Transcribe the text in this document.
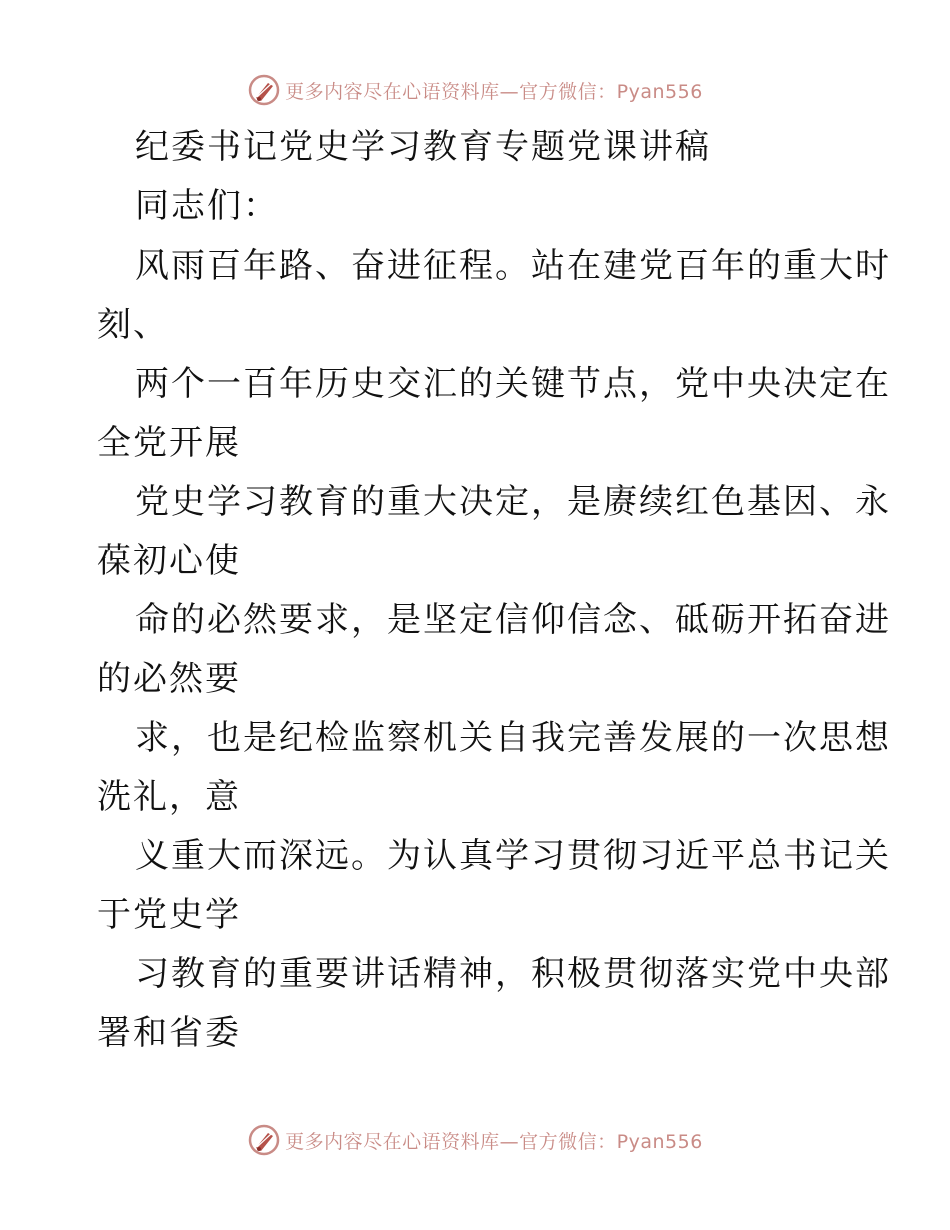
更多内容尽在心语资料库—官方微信：Pyan556
纪委书记党史学习教育专题党课讲稿
同志们：
风雨百年路、奋进征程。站在建党百年的重大时
刻、
两个一百年历史交汇的关键节点，党中央决定在
全党开展
党史学习教育的重大决定，是赓续红色基因、永
葆初心使
命的必然要求，是坚定信仰信念、砥砺开拓奋进
的必然要
求，也是纪检监察机关自我完善发展的一次思想
洗礼，意
义重大而深远。为认真学习贯彻习近平总书记关
于党史学
习教育的重要讲话精神，积极贯彻落实党中央部
署和省委
更多内容尽在心语资料库—官方微信：Pyan556
